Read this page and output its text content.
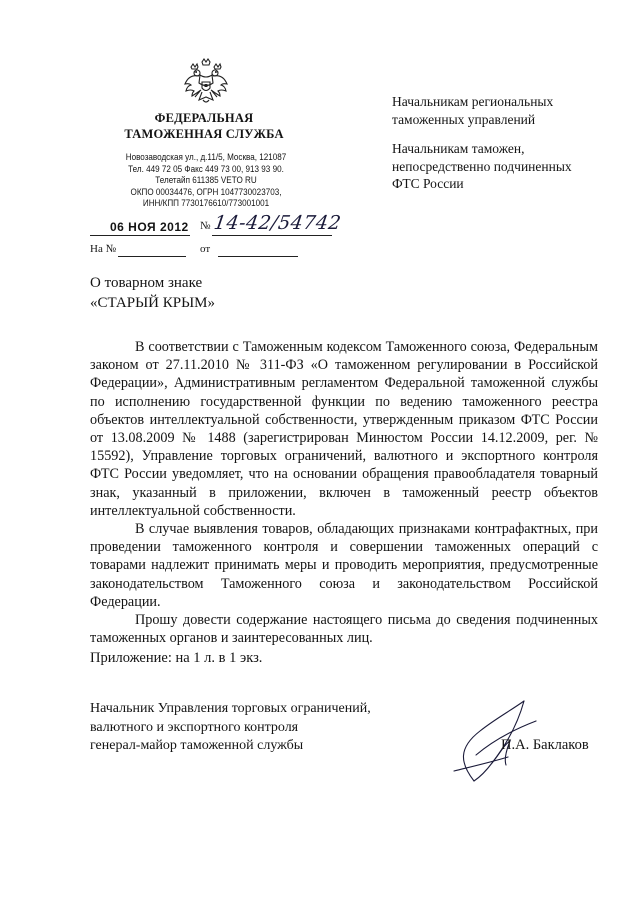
ФЕДЕРАЛЬНАЯ
ТАМОЖЕННАЯ СЛУЖБА
Новозаводская ул., д.11/5, Москва, 121087
Тел. 449 72 05 Факс 449 73 00, 913 93 90.
Телетайп 611385 VETO RU
ОКПО 00034476, ОГРН 1047730023703,
ИНН/КПП 7730176610/773001001
06 НОЯ 2012 № 14-42/54742
На №	от

Начальникам региональных
таможенных управлений

Начальникам таможен,
непосредственно подчиненных
ФТС России

О товарном знаке
«СТАРЫЙ КРЫМ»

В соответствии с Таможенным кодексом Таможенного союза, Федеральным законом от 27.11.2010 № 311-ФЗ «О таможенном регулировании в Российской Федерации», Административным регламентом Федеральной таможенной службы по исполнению государственной функции по ведению таможенного реестра объектов интеллектуальной собственности, утвержденным приказом ФТС России от 13.08.2009 № 1488 (зарегистрирован Минюстом России 14.12.2009, рег. № 15592), Управление торговых ограничений, валютного и экспортного контроля ФТС России уведомляет, что на основании обращения правообладателя товарный знак, указанный в приложении, включен в таможенный реестр объектов интеллектуальной собственности.

В случае выявления товаров, обладающих признаками контрафактных, при проведении таможенного контроля и совершении таможенных операций с товарами надлежит принимать меры и проводить мероприятия, предусмотренные законодательством Таможенного союза и законодательством Российской Федерации.

Прошу довести содержание настоящего письма до сведения подчиненных таможенных органов и заинтересованных лиц.

Приложение: на 1 л. в 1 экз.
Начальник Управления торговых ограничений,
валютного и экспортного контроля
генерал-майор таможенной службы	П.А. Баклаков
